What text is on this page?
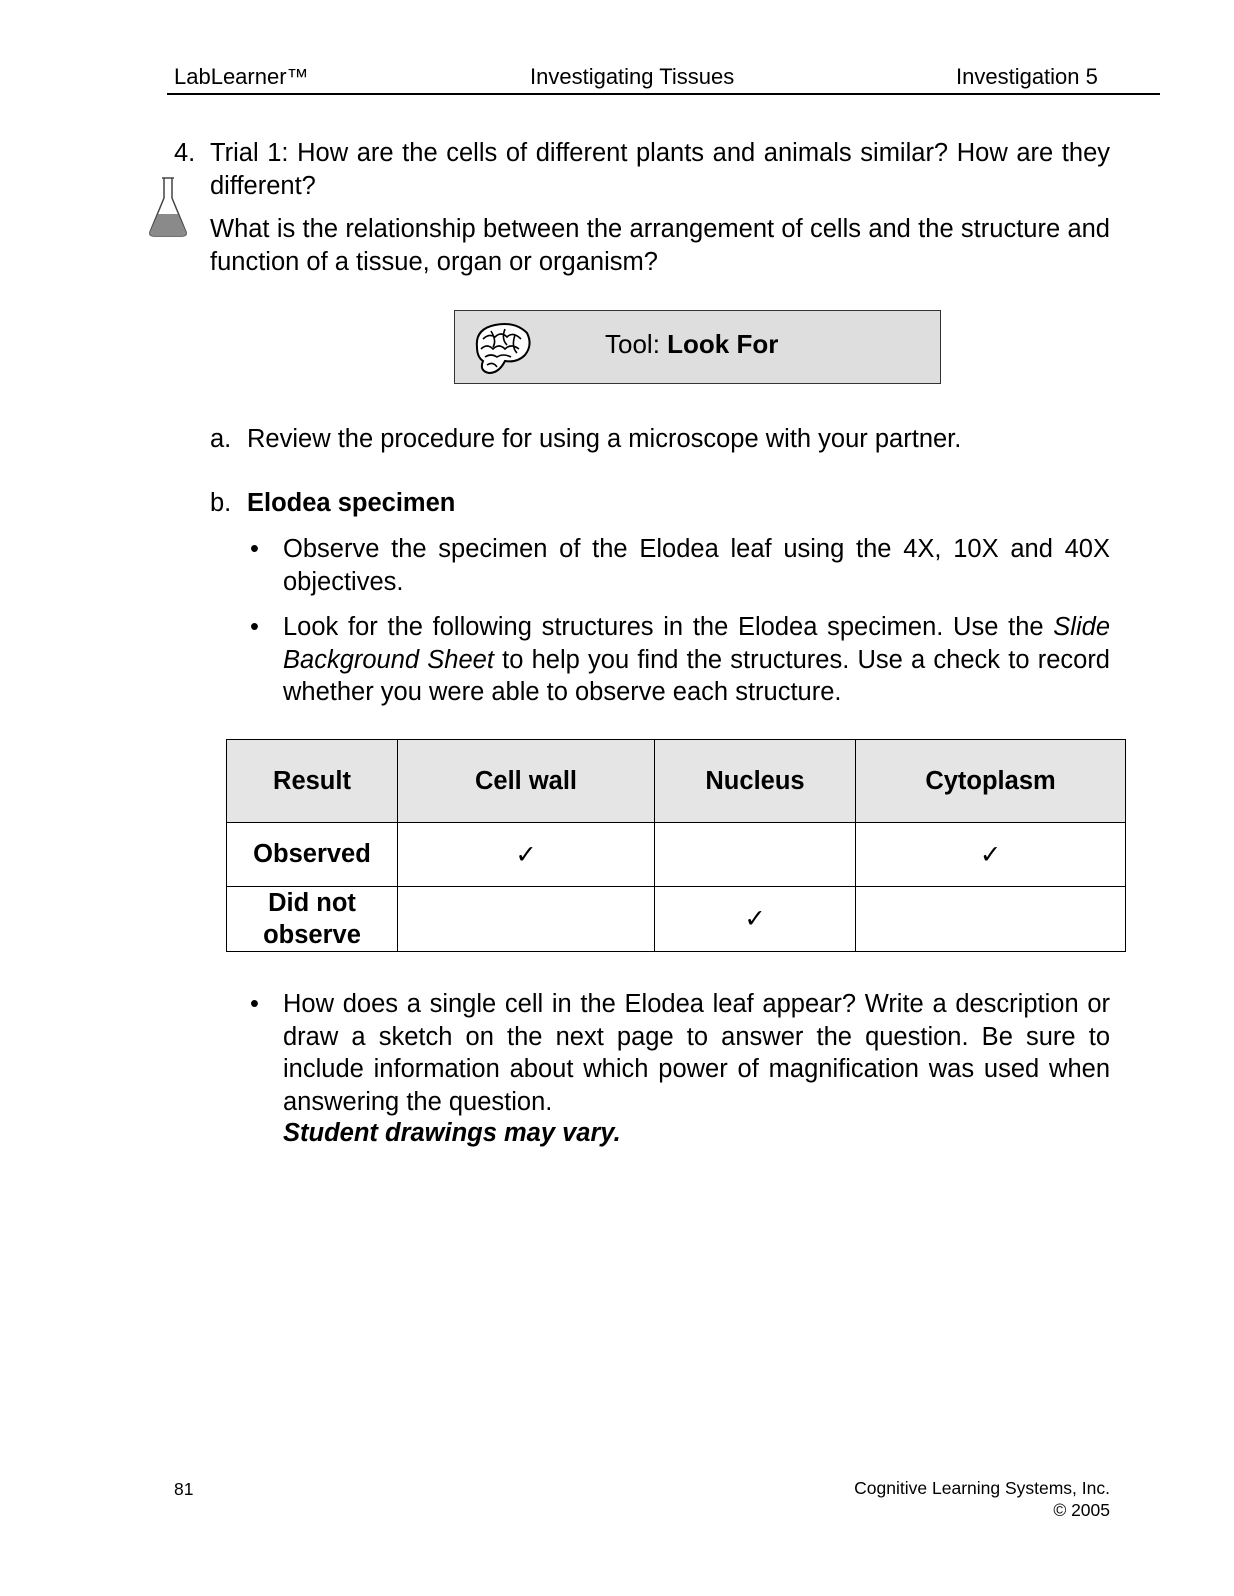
LabLearner™	Investigating Tissues	Investigation 5
4. Trial 1: How are the cells of different plants and animals similar? How are they different?
What is the relationship between the arrangement of cells and the structure and function of a tissue, organ or organism?
Tool: Look For
a. Review the procedure for using a microscope with your partner.
b. Elodea specimen
• Observe the specimen of the Elodea leaf using the 4X, 10X and 40X objectives.
• Look for the following structures in the Elodea specimen. Use the Slide Background Sheet to help you find the structures. Use a check to record whether you were able to observe each structure.
Result	Cell wall	Nucleus	Cytoplasm
Observed	✓		✓
Did not observe		✓	
• How does a single cell in the Elodea leaf appear? Write a description or draw a sketch on the next page to answer the question. Be sure to include information about which power of magnification was used when answering the question.
Student drawings may vary.
81	Cognitive Learning Systems, Inc.
© 2005
